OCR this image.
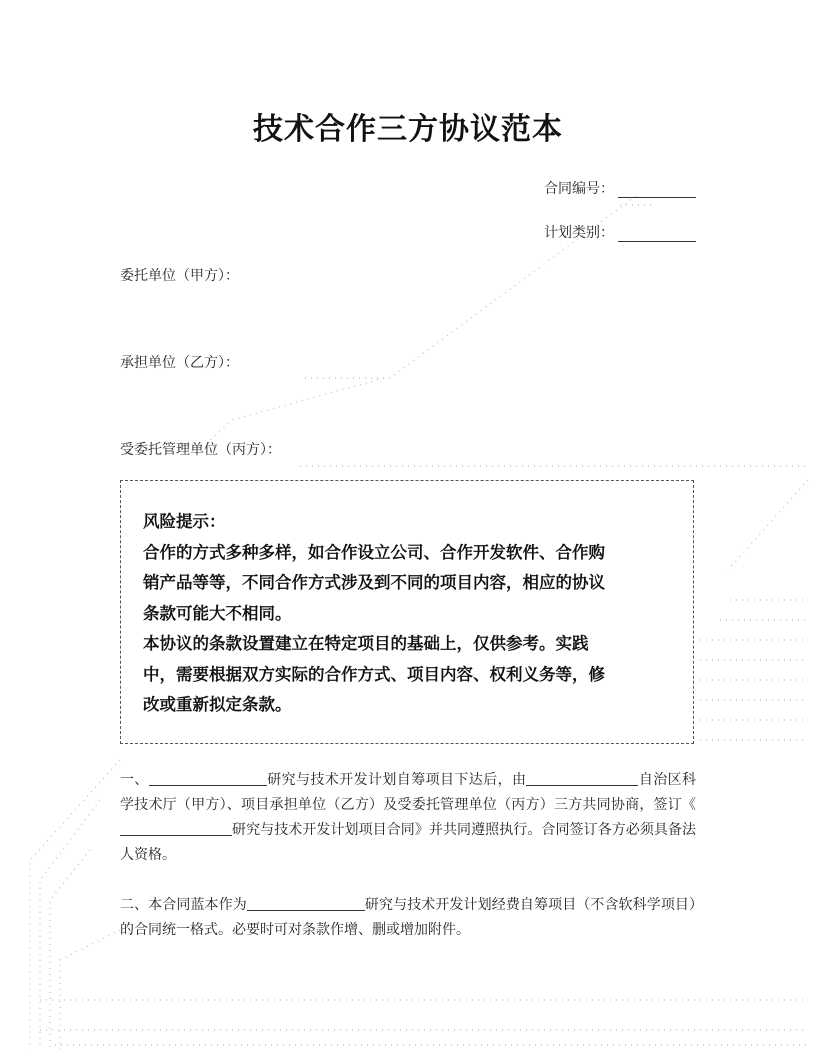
技术合作三方协议范本
合同编号：
计划类别：
委托单位（甲方）：
承担单位（乙方）：
受委托管理单位（丙方）：

风险提示：

合作的方式多种多样，如合作设立公司、合作开发软件、合作购

销产品等等，不同合作方式涉及到不同的项目内容，相应的协议

条款可能大不相同。

本协议的条款设置建立在特定项目的基础上，仅供参考。实践

中，需要根据双方实际的合作方式、项目内容、权利义务等，修

改或重新拟定条款。

一、	研究与技术开发计划自筹项目下达后，由	自治区科学技术厅（甲方）、项目承担单位（乙方）及受委托管理单位（丙方）三方共同协商，签订《研究与技术开发计划项目合同》并共同遵照执行。合同签订各方必须具备法人资格。

二、本合同蓝本作为	研究与技术开发计划经费自筹项目（不含软科学项目）的合同统一格式。必要时可对条款作增、删或增加附件。
